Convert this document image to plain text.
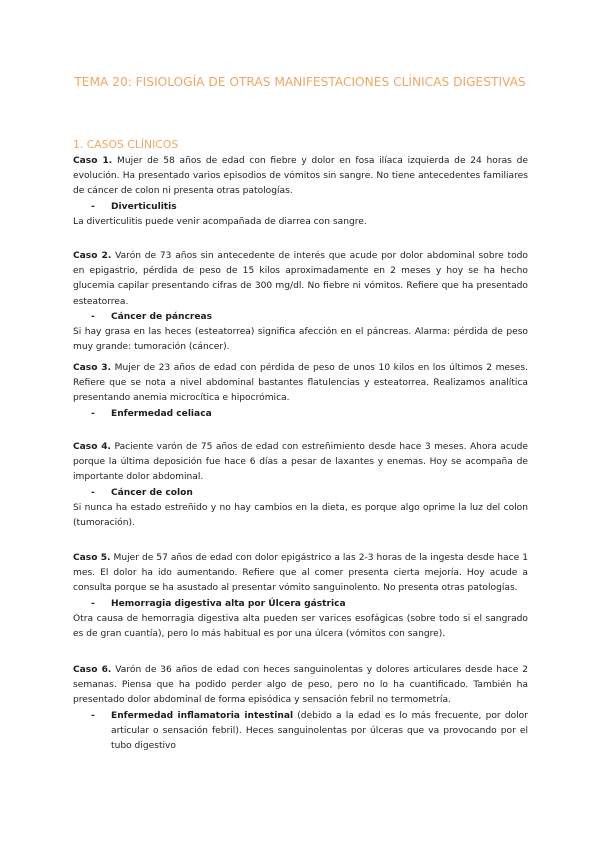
TEMA 20: FISIOLOGÍA DE OTRAS MANIFESTACIONES CLÍNICAS DIGESTIVAS
1. CASOS CLÍNICOS

Caso 1. Mujer de 58 años de edad con fiebre y dolor en fosa ilíaca izquierda de 24 horas de evolución. Ha presentado varios episodios de vómitos sin sangre. No tiene antecedentes familiares de cáncer de colon ni presenta otras patologías.

-	Diverticulitis

La diverticulitis puede venir acompañada de diarrea con sangre.

Caso 2. Varón de 73 años sin antecedente de interés que acude por dolor abdominal sobre todo en epigastrio, pérdida de peso de 15 kilos aproximadamente en 2 meses y hoy se ha hecho glucemia capilar presentando cifras de 300 mg/dl. No fiebre ni vómitos. Refiere que ha presentado esteatorrea.

-	Cáncer de páncreas

Si hay grasa en las heces (esteatorrea) significa afección en el páncreas. Alarma: pérdida de peso muy grande: tumoración (cáncer).

Caso 3. Mujer de 23 años de edad con pérdida de peso de unos 10 kilos en los últimos 2 meses. Refiere que se nota a nivel abdominal bastantes flatulencias y esteatorrea. Realizamos analítica presentando anemia microcítica e hipocrómica.

-	Enfermedad celiaca

Caso 4. Paciente varón de 75 años de edad con estreñimiento desde hace 3 meses. Ahora acude porque la última deposición fue hace 6 días a pesar de laxantes y enemas. Hoy se acompaña de importante dolor abdominal.

-	Cáncer de colon

Si nunca ha estado estreñido y no hay cambios en la dieta, es porque algo oprime la luz del colon (tumoración).

Caso 5. Mujer de 57 años de edad con dolor epigástrico a las 2-3 horas de la ingesta desde hace 1 mes. El dolor ha ido aumentando. Refiere que al comer presenta cierta mejoría. Hoy acude a consulta porque se ha asustado al presentar vómito sanguinolento. No presenta otras patologías.

-	Hemorragia digestiva alta por Úlcera gástrica

Otra causa de hemorragia digestiva alta pueden ser varices esofágicas (sobre todo si el sangrado es de gran cuantía), pero lo más habitual es por una úlcera (vómitos con sangre).

Caso 6. Varón de 36 años de edad con heces sanguinolentas y dolores articulares desde hace 2 semanas. Piensa que ha podido perder algo de peso, pero no lo ha cuantificado. También ha presentado dolor abdominal de forma episódica y sensación febril no termometría.

-	Enfermedad inflamatoria intestinal (debido a la edad es lo más frecuente, por dolor articular o sensación febril). Heces sanguinolentas por úlceras que va provocando por el tubo digestivo
